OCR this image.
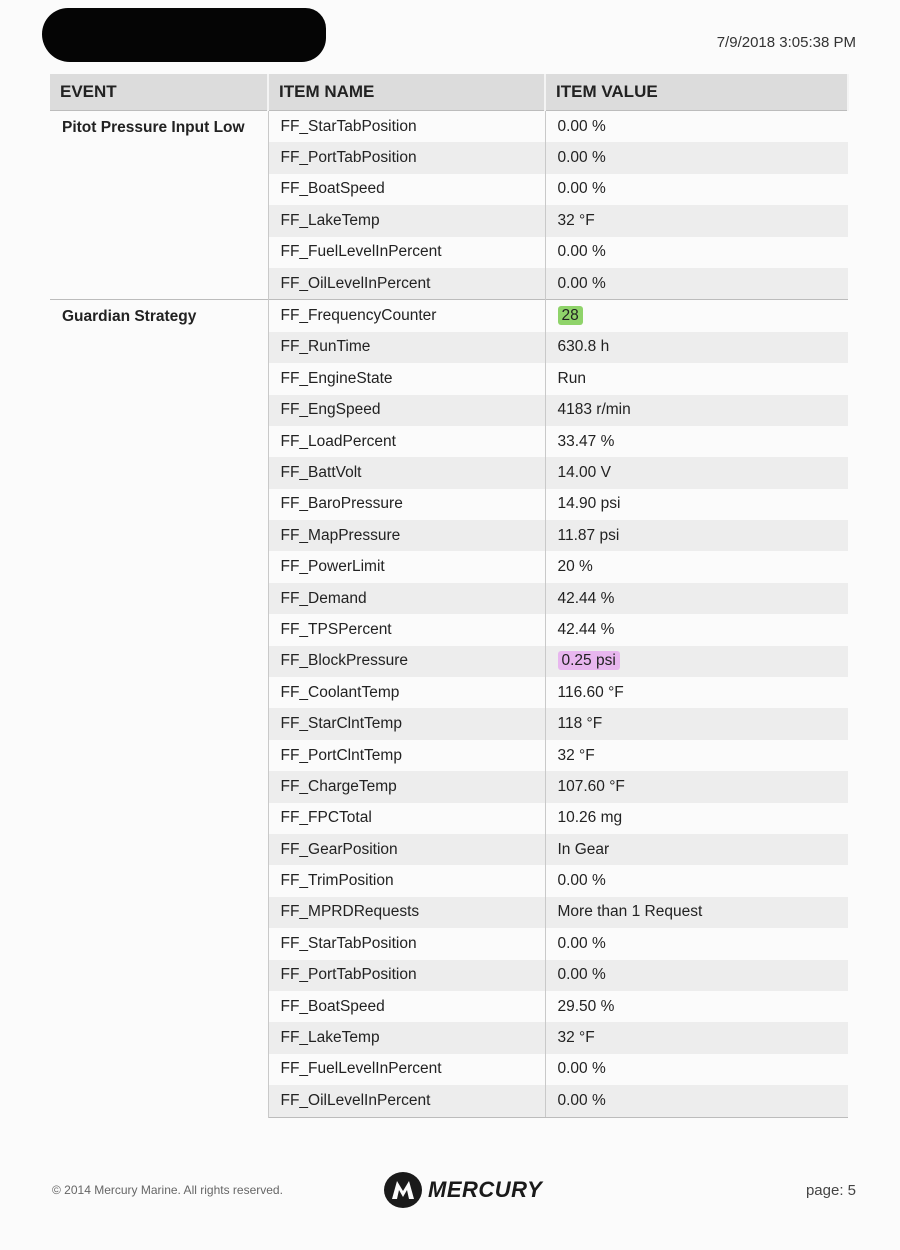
7/9/2018 3:05:38 PM
EVENT	ITEM NAME	ITEM VALUE
Pitot Pressure Input Low	FF_StarTabPosition	0.00 %
	FF_PortTabPosition	0.00 %
	FF_BoatSpeed	0.00 %
	FF_LakeTemp	32 °F
	FF_FuelLevelInPercent	0.00 %
	FF_OilLevelInPercent	0.00 %
Guardian Strategy	FF_FrequencyCounter	28
	FF_RunTime	630.8 h
	FF_EngineState	Run
	FF_EngSpeed	4183 r/min
	FF_LoadPercent	33.47 %
	FF_BattVolt	14.00 V
	FF_BaroPressure	14.90 psi
	FF_MapPressure	11.87 psi
	FF_PowerLimit	20 %
	FF_Demand	42.44 %
	FF_TPSPercent	42.44 %
	FF_BlockPressure	0.25 psi
	FF_CoolantTemp	116.60 °F
	FF_StarClntTemp	118 °F
	FF_PortClntTemp	32 °F
	FF_ChargeTemp	107.60 °F
	FF_FPCTotal	10.26 mg
	FF_GearPosition	In Gear
	FF_TrimPosition	0.00 %
	FF_MPRDRequests	More than 1 Request
	FF_StarTabPosition	0.00 %
	FF_PortTabPosition	0.00 %
	FF_BoatSpeed	29.50 %
	FF_LakeTemp	32 °F
	FF_FuelLevelInPercent	0.00 %
	FF_OilLevelInPercent	0.00 %
© 2014 Mercury Marine. All rights reserved.	MERCURY	page: 5
